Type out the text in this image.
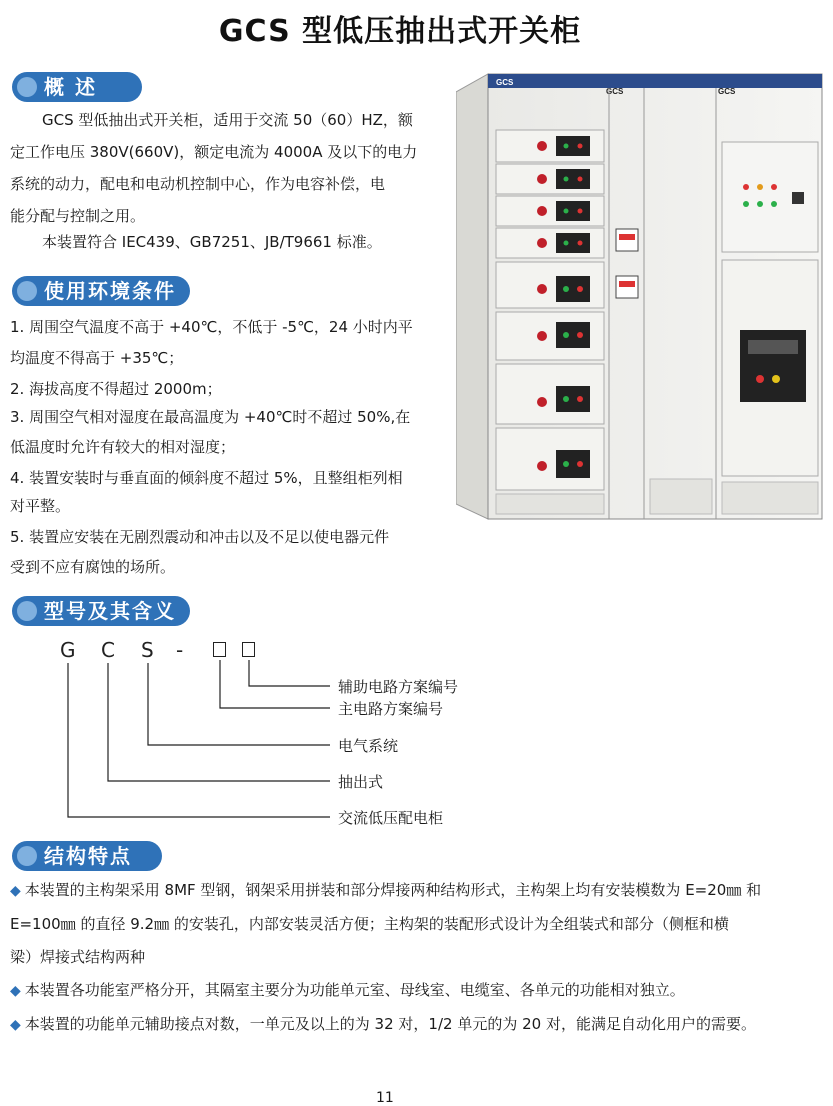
GCS 型低压抽出式开关柜
概 述
GCS 型低抽出式开关柜，适用于交流 50（60）HZ，额
定工作电压 380V(660V)，额定电流为 4000A 及以下的电力
系统的动力，配电和电动机控制中心，作为电容补偿，电
能分配与控制之用。
本装置符合 IEC439、GB7251、JB/T9661 标准。
使用环境条件
1. 周围空气温度不高于 +40℃，不低于 -5℃，24 小时内平
均温度不得高于 +35℃；
2. 海拔高度不得超过 2000m；
3. 周围空气相对湿度在最高温度为 +40℃时不超过 50%,在
低温度时允许有较大的相对湿度；
4. 装置安装时与垂直面的倾斜度不超过 5%，且整组柜列相
对平整。
5. 装置应安装在无剧烈震动和冲击以及不足以使电器元件
受到不应有腐蚀的场所。
GCS
GCS	GCS
型号及其含义
G C S -
辅助电路方案编号
主电路方案编号
电气系统
抽出式
交流低压配电柜
结构特点
◆ 本装置的主构架采用 8MF 型钢，钢架采用拼装和部分焊接两种结构形式，主构架上均有安装模数为 E=20㎜ 和
E=100㎜ 的直径 9.2㎜ 的安装孔，内部安装灵活方便；主构架的装配形式设计为全组装式和部分（侧框和横
梁）焊接式结构两种
◆ 本装置各功能室严格分开，其隔室主要分为功能单元室、母线室、电缆室、各单元的功能相对独立。
◆ 本装置的功能单元辅助接点对数，一单元及以上的为 32 对，1/2 单元的为 20 对，能满足自动化用户的需要。
11
